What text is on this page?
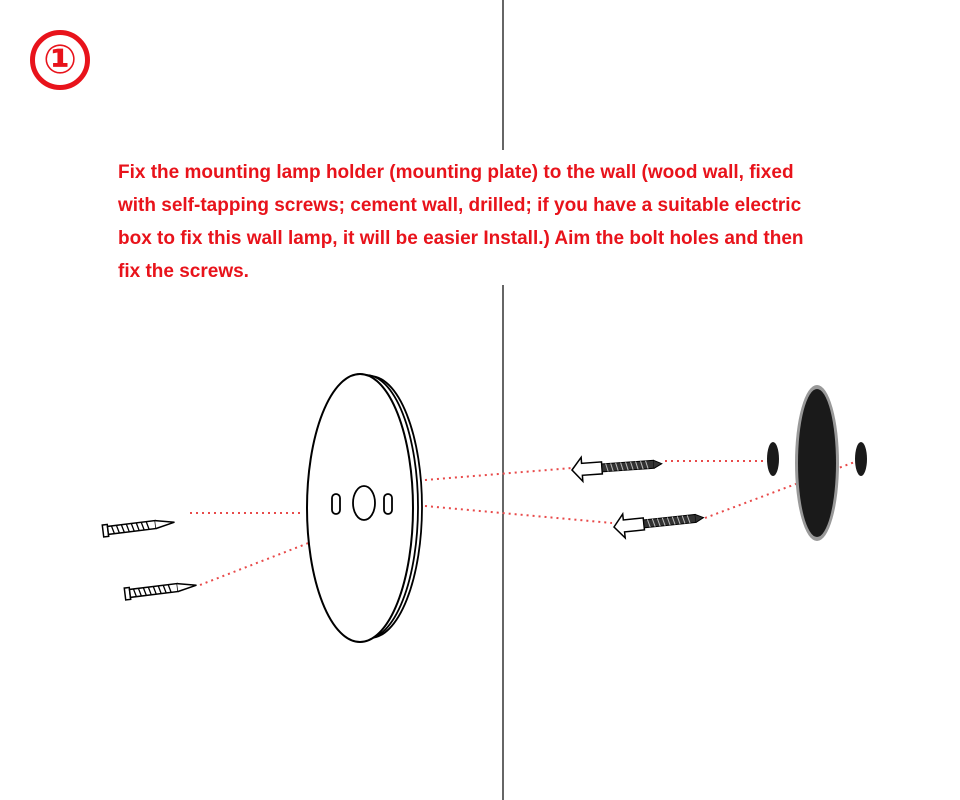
①
Fix the mounting lamp holder (mounting plate) to the wall (wood wall, fixed
with self-tapping screws; cement wall, drilled; if you have a suitable electric
box to fix this wall lamp, it will be easier Install.) Aim the bolt holes and then
fix the screws.
